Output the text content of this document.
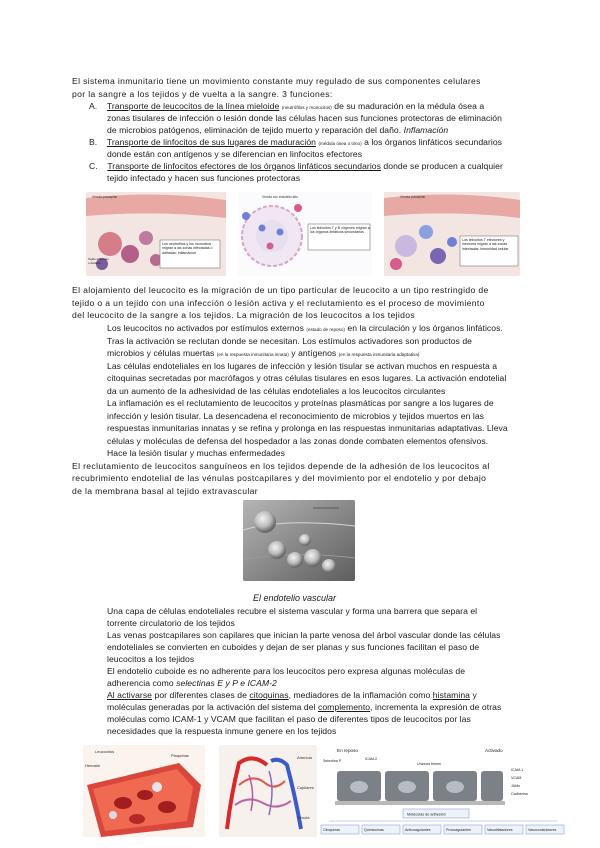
El sistema inmunitario tiene un movimiento constante muy regulado de sus componentes celulares
por la sangre a los tejidos y de vuelta a la sangre. 3 funciones:
A. Transporte de leucocitos de la línea mieloide (neutrófilos y monocitos) de su maduración en la médula ósea a
zonas tisulares de infección o lesión donde las células hacen sus funciones protectoras de eliminación
de microbios patógenos, eliminación de tejido muerto y reparación del daño. Inflamación
B. Transporte de linfocitos de sus lugares de maduración (médula ósea o timo) a los órganos linfáticos secundarios
donde están con antígenos y se diferencian en linfocitos efectores
C. Transporte de linfocitos efectores de los órganos linfáticos secundarios donde se producen a cualquier
tejido infectado y hacen sus funciones protectoras
Vénula poscapilar
Los neutrófilos y los monocitos migran a las zonas infectadas o dañadas: inflamación
Tejido infectado o dañado
Vénula con endotelio alto
Los linfocitos T y B vírgenes migran a los órganos linfáticos secundarios
Vénula poscapilar
Los linfocitos T efectores y memoria migran a las zonas infectadas: inmunidad celular
El alojamiento del leucocito es la migración de un tipo particular de leucocito a un tipo restringido de
tejido o a un tejido con una infección o lesión activa y el reclutamiento es el proceso de movimiento
del leucocito de la sangre a los tejidos. La migración de los leucocitos a los tejidos
Los leucocitos no activados por estímulos externos (estado de reposo) en la circulación y los órganos linfáticos.
Tras la activación se reclutan donde se necesitan. Los estímulos activadores son productos de
microbios y células muertas (en la respuesta inmunitaria innata) y antígenos (en la respuesta inmunitaria adaptativa)
Las células endoteliales en los lugares de infección y lesión tisular se activan muchos en respuesta a
citoquinas secretadas por macrófagos y otras células tisulares en esos lugares. La activación endotelial
da un aumento de la adhesividad de las células endoteliales a los leucocitos circulantes
La inflamación es el reclutamiento de leucocitos y proteínas plasmáticas por sangre a los lugares de
infección y lesión tisular. La desencadena el reconocimiento de microbios y tejidos muertos en las
respuestas inmunitarias innatas y se refina y prolonga en las respuestas inmunitarias adaptativas. Lleva
células y moléculas de defensa del hospedador a las zonas donde combaten elementos ofensivos.
Hace la lesión tisular y muchas enfermedades
El reclutamiento de leucocitos sanguíneos en los tejidos depende de la adhesión de los leucocitos al
recubrimiento endotelial de las vénulas postcapilares y del movimiento por el endotelio y por debajo
de la membrana basal al tejido extravascular
El endotelio vascular
Una capa de células endoteliales recubre el sistema vascular y forma una barrera que separa el
torrente circulatorio de los tejidos
Las venas postcapilares son capilares que inician la parte venosa del árbol vascular donde las células
endoteliales se convierten en cuboides y dejan de ser planas y sus funciones facilitan el paso de
leucocitos a los tejidos
El endotelio cuboide es no adherente para los leucocitos pero expresa algunas moléculas de
adherencia como selectinas E y P e ICAM-2
Al activarse por diferentes clases de citoquinas, mediadores de la inflamación como histamina y
moléculas generadas por la activación del sistema del complemento, incrementa la expresión de otras
moléculas como ICAM-1 y VCAM que facilitan el paso de diferentes tipos de leucocitos por las
necesidades que la respuesta inmune genere en los tejidos
Leucocitos
Hematíe
Plaquetas	Arteriola
Capilares
Vénula
En reposo	Activado
Selectina P	ICAM-2
Uniones firmes
ICAM-1
VCAM
JAMs
Cadherina
Moléculas de adhesión
Citoquinas	Quimiocinas	Anticoagulantes	Procoagulantes	Vasodilatadores	Vasoconstrictores
